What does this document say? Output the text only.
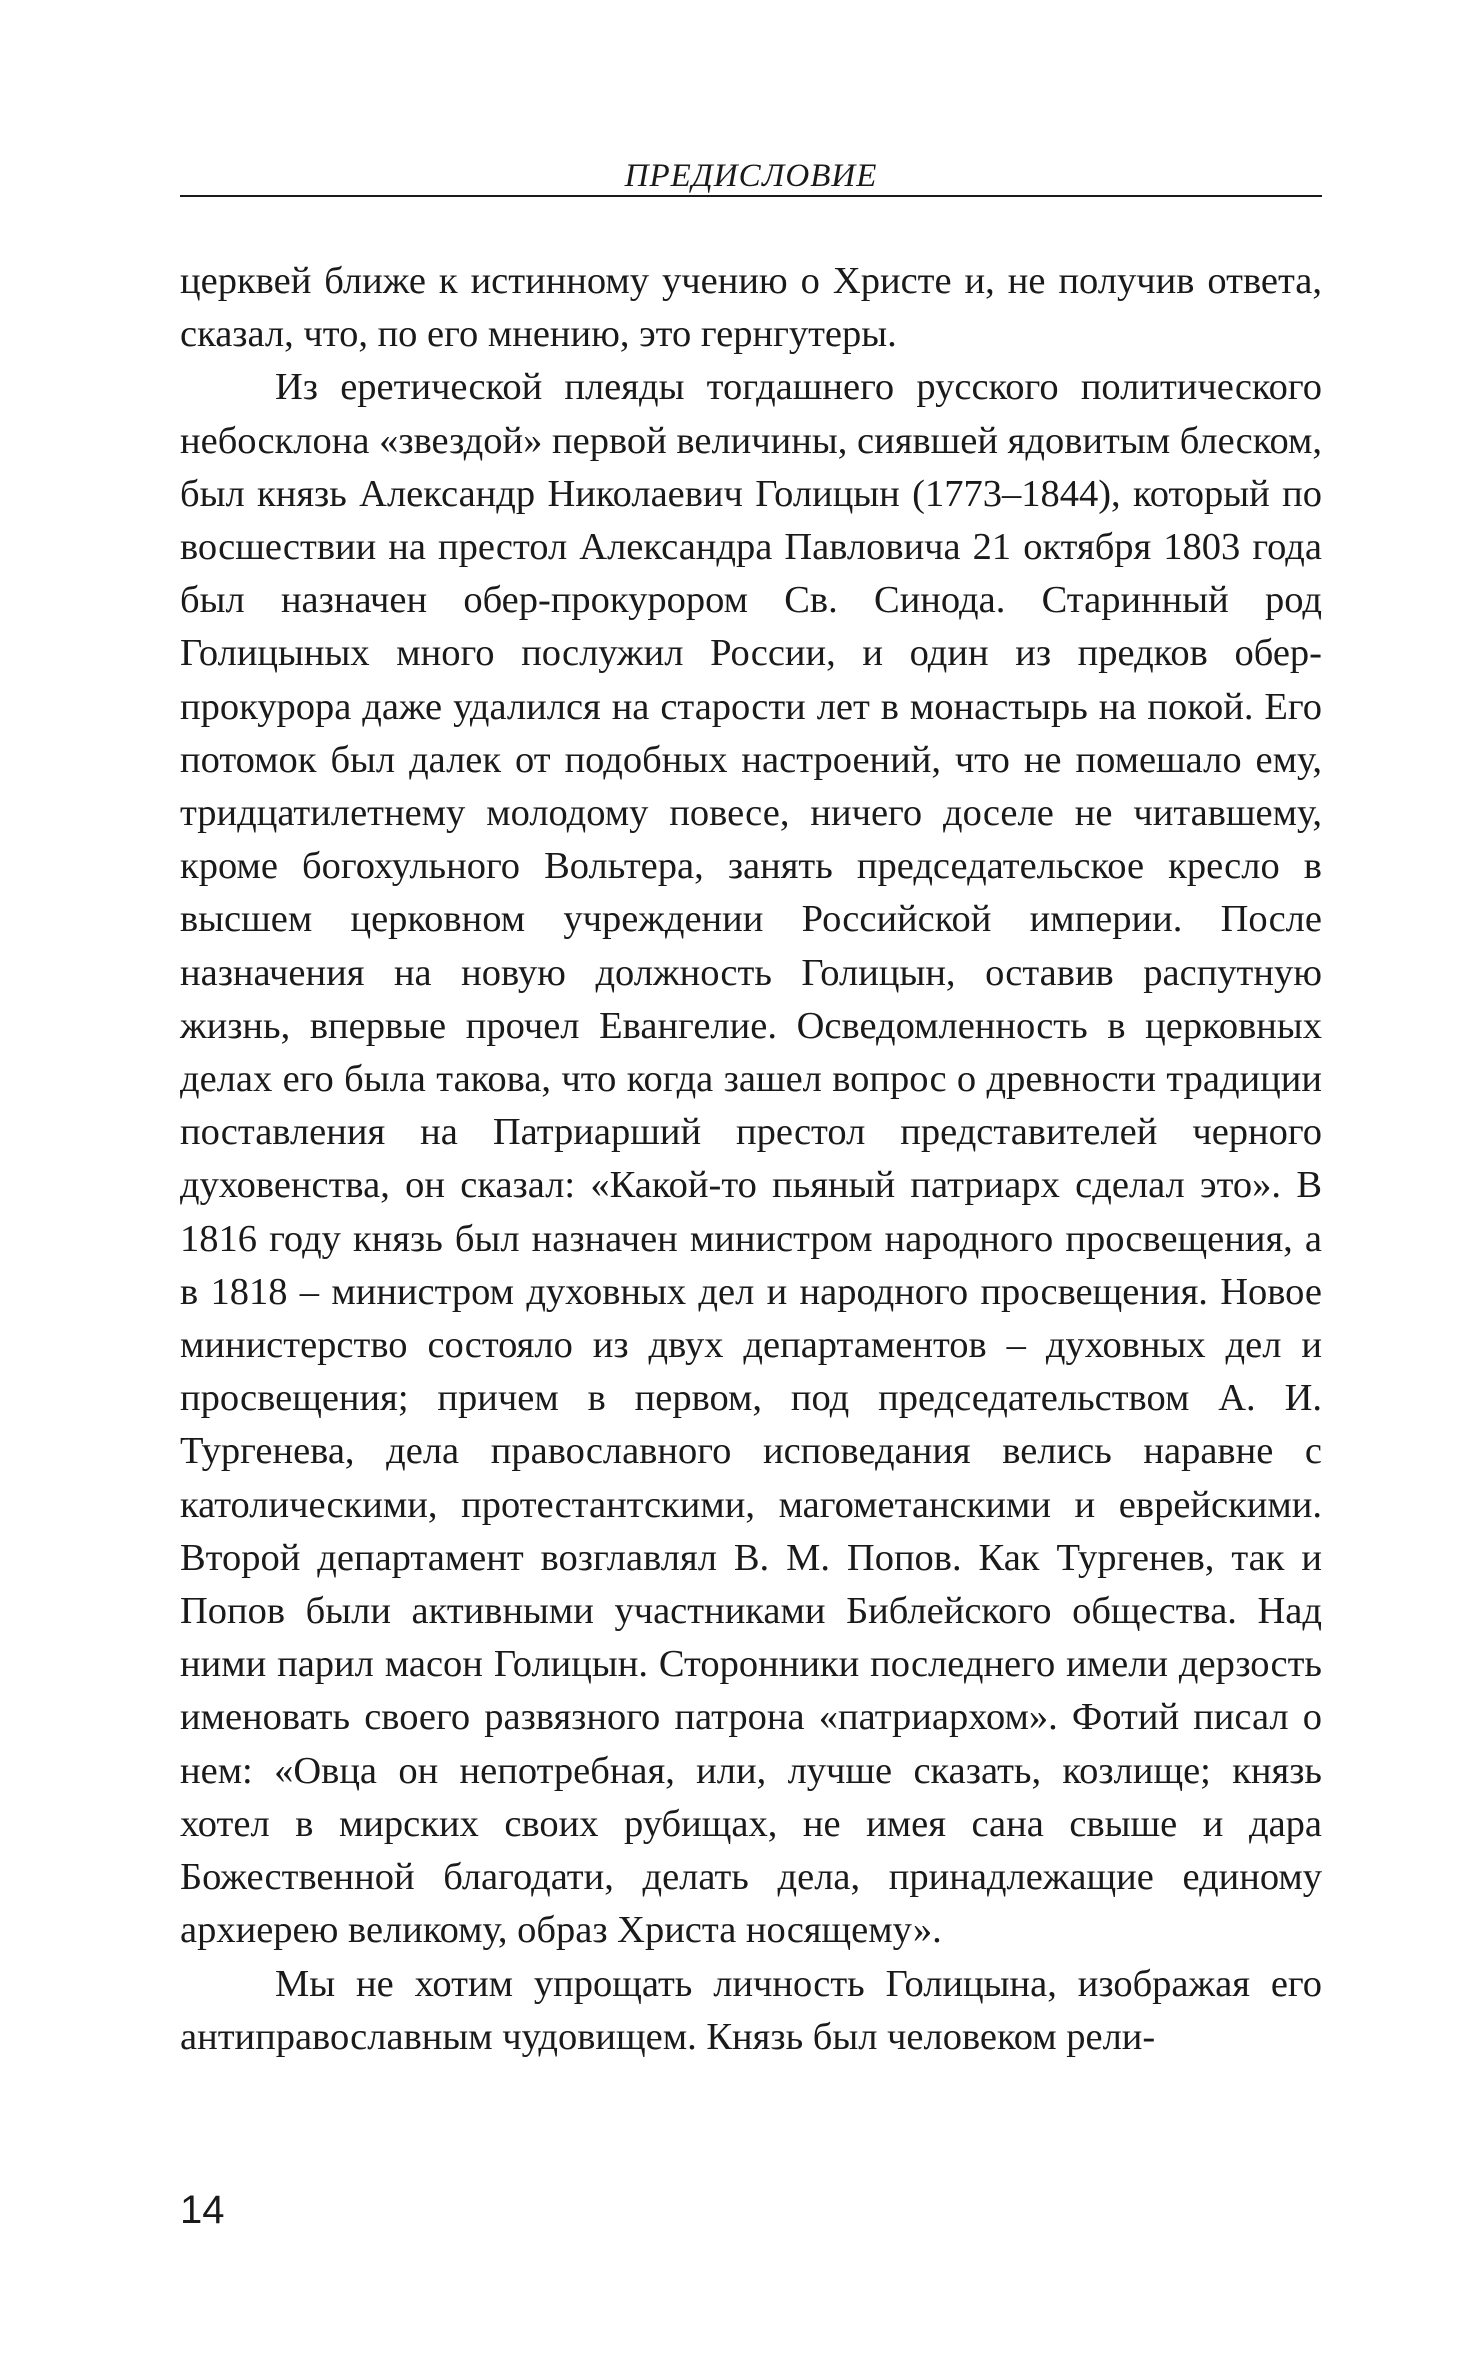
ПРЕДИСЛОВИЕ

церквей ближе к истинному учению о Христе и, не получив ответа, сказал, что, по его мнению, это гернгутеры.

Из еретической плеяды тогдашнего русского политического небосклона «звездой» первой величины, сиявшей ядовитым блеском, был князь Александр Николаевич Голицын (1773–1844), который по восшествии на престол Александра Павловича 21 октября 1803 года был назначен обер-прокурором Св. Синода. Старинный род Голицыных много послужил России, и один из предков обер-прокурора даже удалился на старости лет в монастырь на покой. Его потомок был далек от подобных настроений, что не помешало ему, тридцатилетнему молодому повесе, ничего доселе не читавшему, кроме богохульного Вольтера, занять председательское кресло в высшем церковном учреждении Российской империи. После назначения на новую должность Голицын, оставив распутную жизнь, впервые прочел Евангелие. Осведомленность в церковных делах его была такова, что когда зашел вопрос о древности традиции поставления на Патриарший престол представителей черного духовенства, он сказал: «Какой-то пьяный патриарх сделал это». В 1816 году князь был назначен министром народного просвещения, а в 1818 – министром духовных дел и народного просвещения. Новое министерство состояло из двух департаментов – духовных дел и просвещения; причем в первом, под председательством А. И. Тургенева, дела православного исповедания велись наравне с католическими, протестантскими, магометанскими и еврейскими. Второй департамент возглавлял В. М. Попов. Как Тургенев, так и Попов были активными участниками Библейского общества. Над ними парил масон Голицын. Сторонники последнего имели дерзость именовать своего развязного патрона «патриархом». Фотий писал о нем: «Овца он непотребная, или, лучше сказать, козлище; князь хотел в мирских своих рубищах, не имея сана свыше и дара Божественной благодати, делать дела, принадлежащие единому архиерею великому, образ Христа носящему».

Мы не хотим упрощать личность Голицына, изображая его антиправославным чудовищем. Князь был человеком рели-

14
